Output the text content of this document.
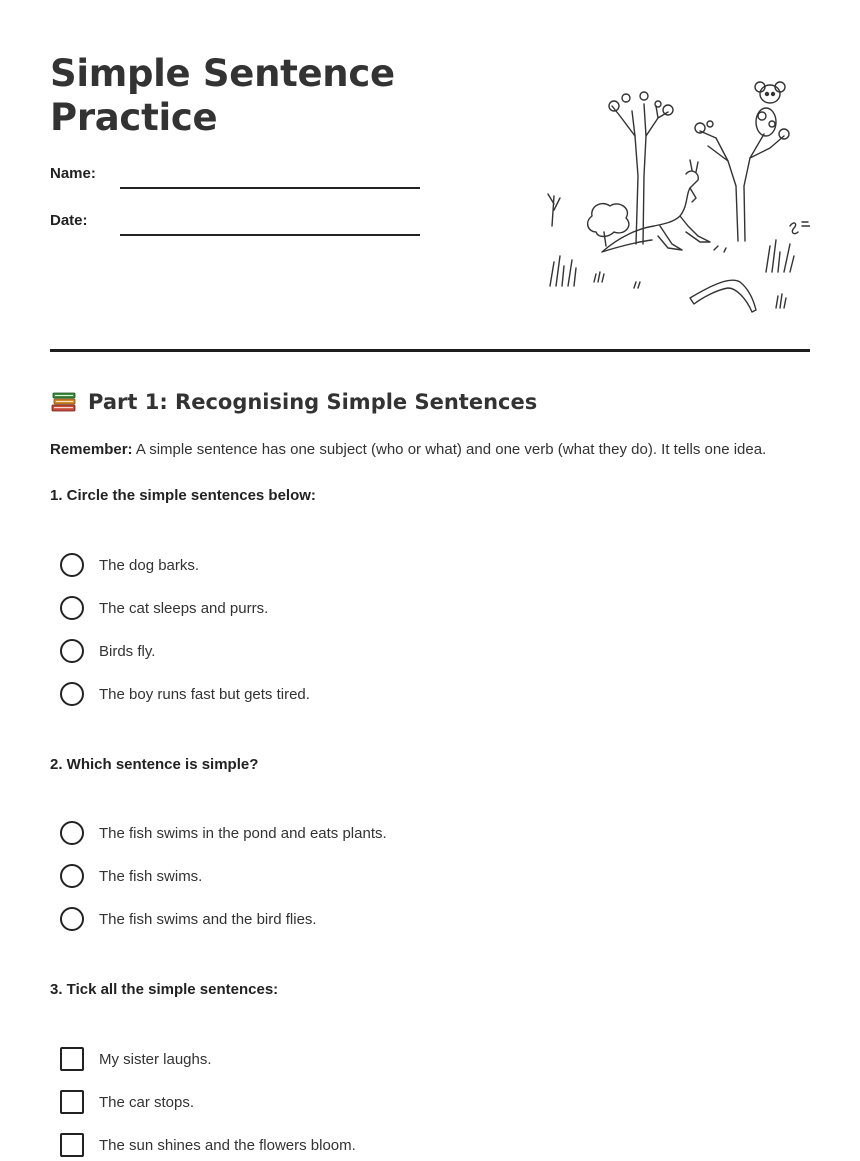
Simple Sentence
Practice
Name:
Date:
Part 1: Recognising Simple Sentences
Remember: A simple sentence has one subject (who or what) and one verb (what they do). It tells one idea.
1. Circle the simple sentences below:
The dog barks.
The cat sleeps and purrs.
Birds fly.
The boy runs fast but gets tired.
2. Which sentence is simple?
The fish swims in the pond and eats plants.
The fish swims.
The fish swims and the bird flies.
3. Tick all the simple sentences:
My sister laughs.
The car stops.
The sun shines and the flowers bloom.
